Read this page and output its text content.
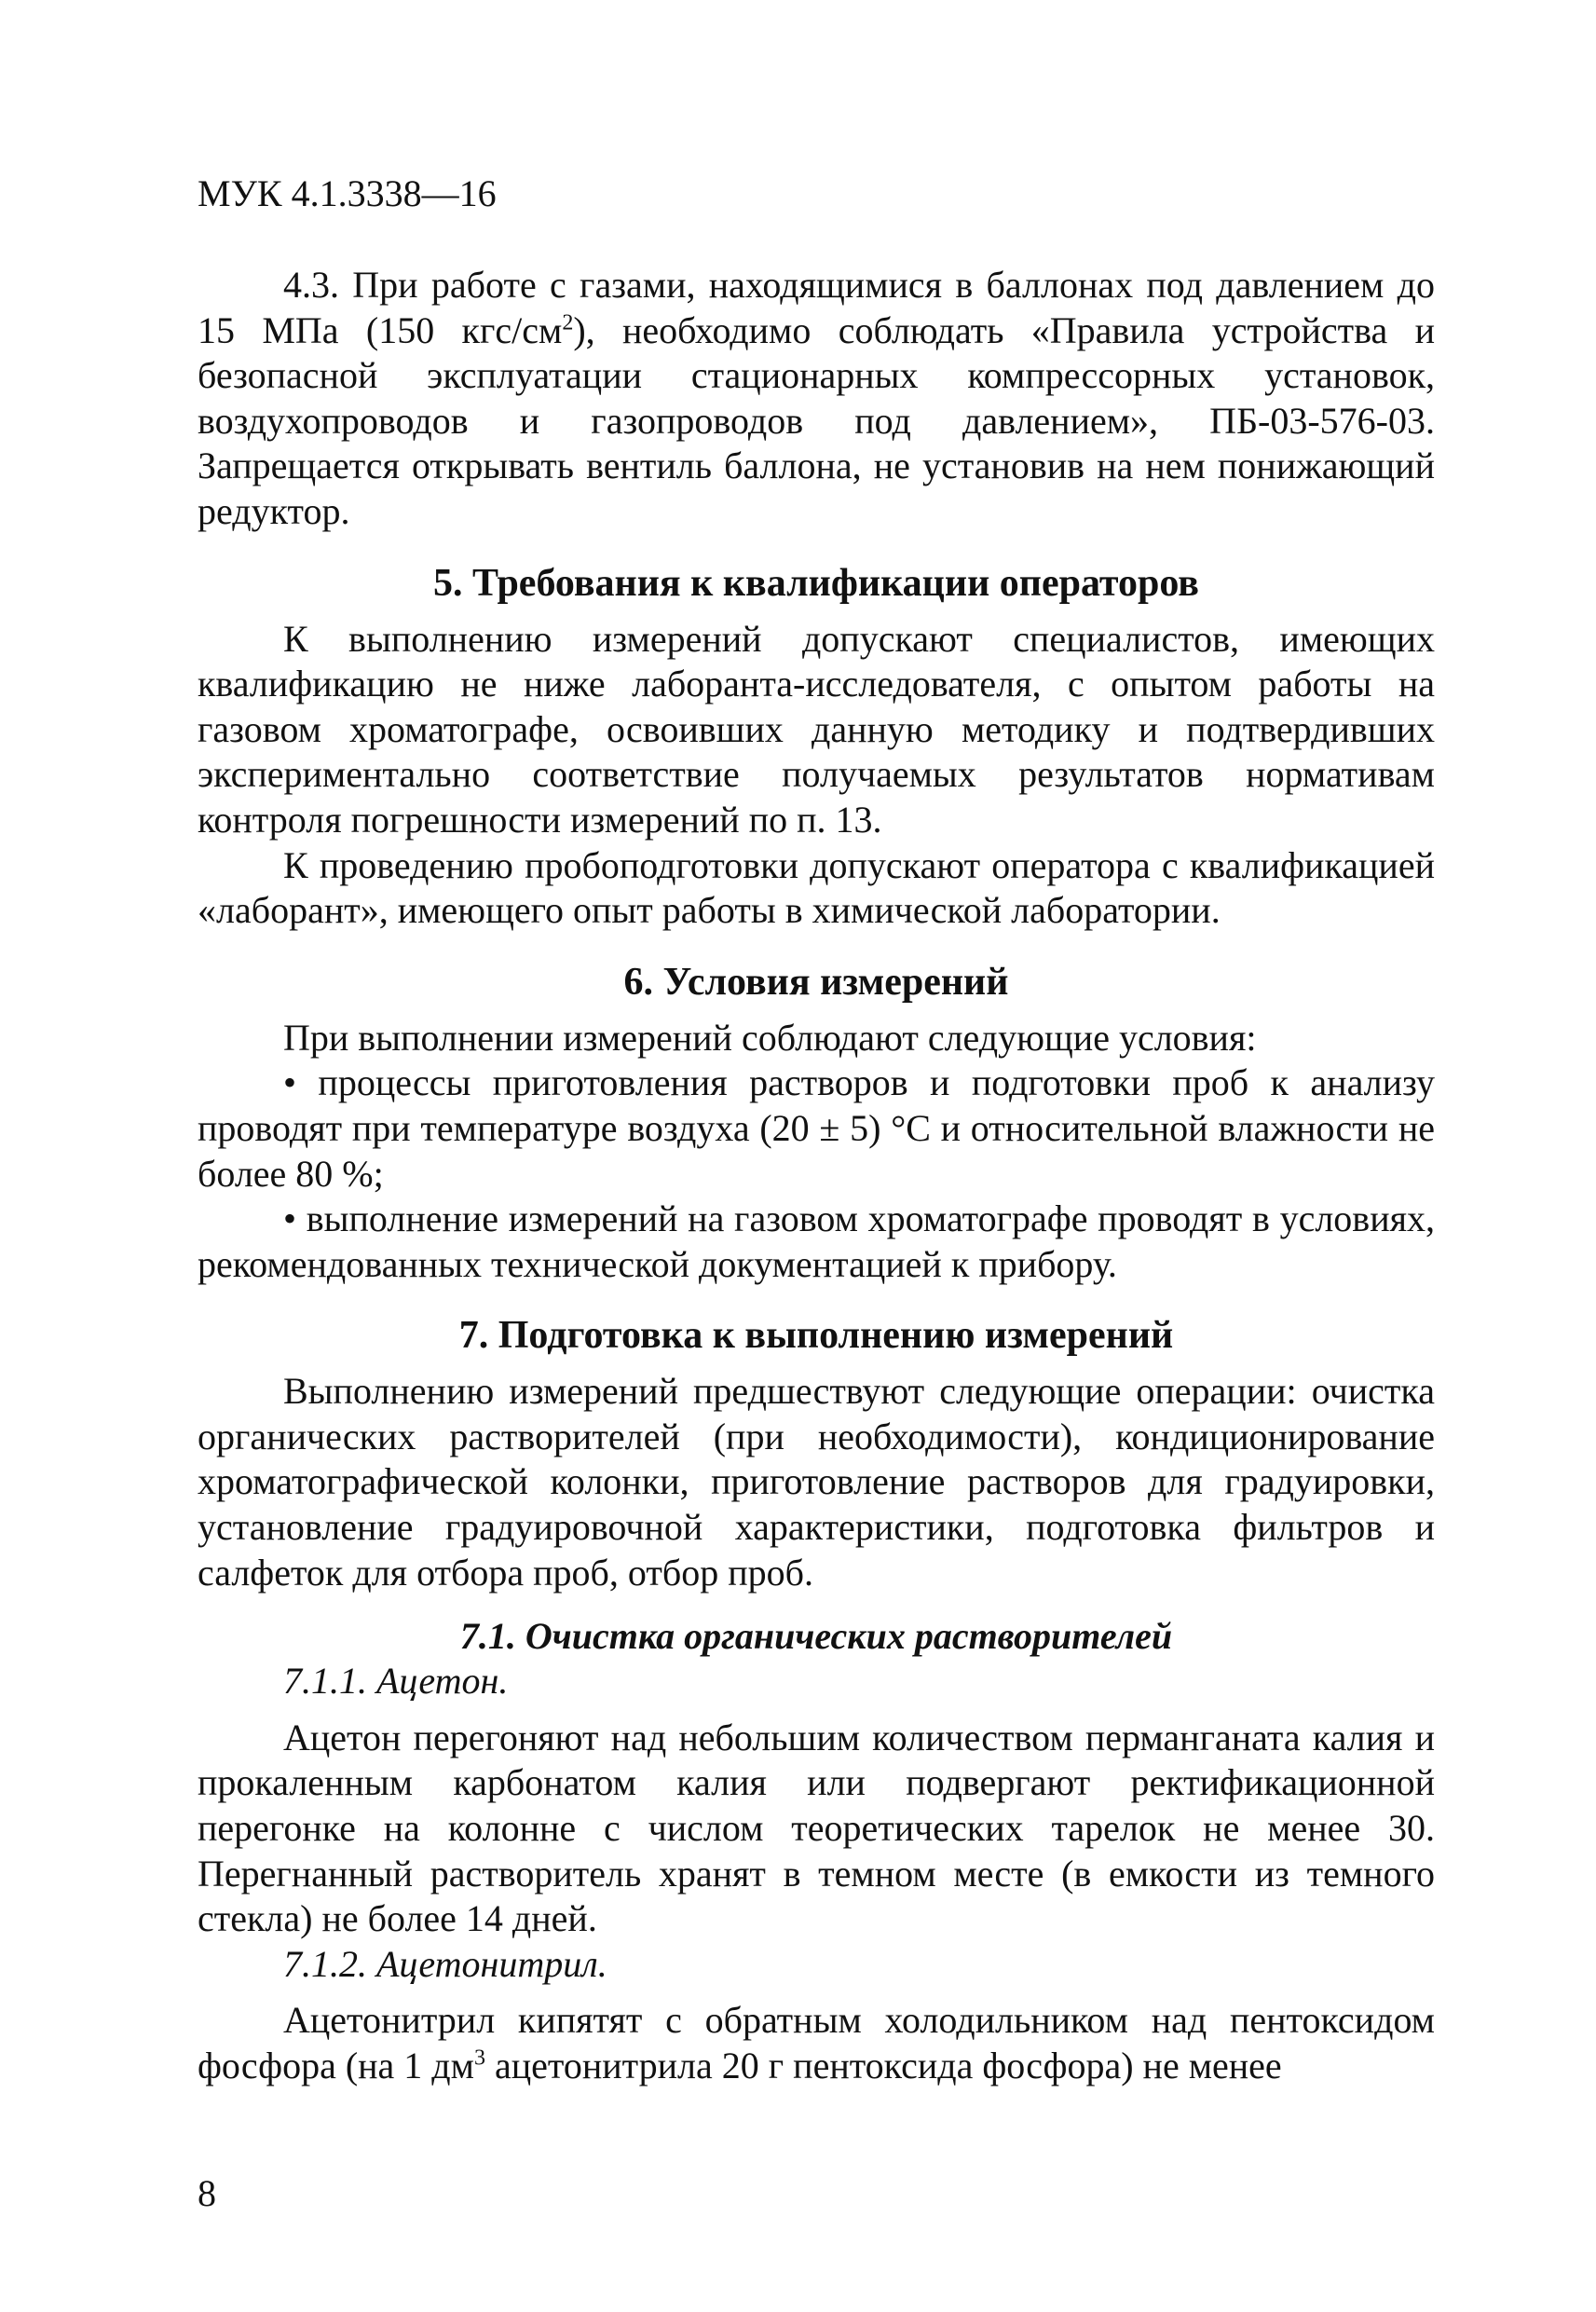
МУК 4.1.3338—16

4.3. При работе с газами, находящимися в баллонах под давлением до 15 МПа (150 кгс/$см^2$), необходимо соблюдать «Правила устройства и безопасной эксплуатации стационарных компрессорных установок, воздухопроводов и газопроводов под давлением», ПБ-03-576-03. Запрещается открывать вентиль баллона, не установив на нем понижающий редуктор.

5. Требования к квалификации операторов

К выполнению измерений допускают специалистов, имеющих квалификацию не ниже лаборанта-исследователя, с опытом работы на газовом хроматографе, освоивших данную методику и подтвердивших экспериментально соответствие получаемых результатов нормативам контроля погрешности измерений по п. 13.

К проведению пробоподготовки допускают оператора с квалификацией «лаборант», имеющего опыт работы в химической лаборатории.

6. Условия измерений

При выполнении измерений соблюдают следующие условия:

• процессы приготовления растворов и подготовки проб к анализу проводят при температуре воздуха (20 ± 5) °С и относительной влажности не более 80 %;

• выполнение измерений на газовом хроматографе проводят в условиях, рекомендованных технической документацией к прибору.

7. Подготовка к выполнению измерений

Выполнению измерений предшествуют следующие операции: очистка органических растворителей (при необходимости), кондиционирование хроматографической колонки, приготовление растворов для градуировки, установление градуировочной характеристики, подготовка фильтров и салфеток для отбора проб, отбор проб.

7.1. Очистка органических растворителей

7.1.1. Ацетон.

Ацетон перегоняют над небольшим количеством перманганата калия и прокаленным карбонатом калия или подвергают ректификационной перегонке на колонне с числом теоретических тарелок не менее 30. Перегнанный растворитель хранят в темном месте (в емкости из темного стекла) не более 14 дней.

7.1.2. Ацетонитрил.

Ацетонитрил кипятят с обратным холодильником над пентоксидом фосфора (на 1 $дм^3$ ацетонитрила 20 г пентоксида фосфора) не менее

8
